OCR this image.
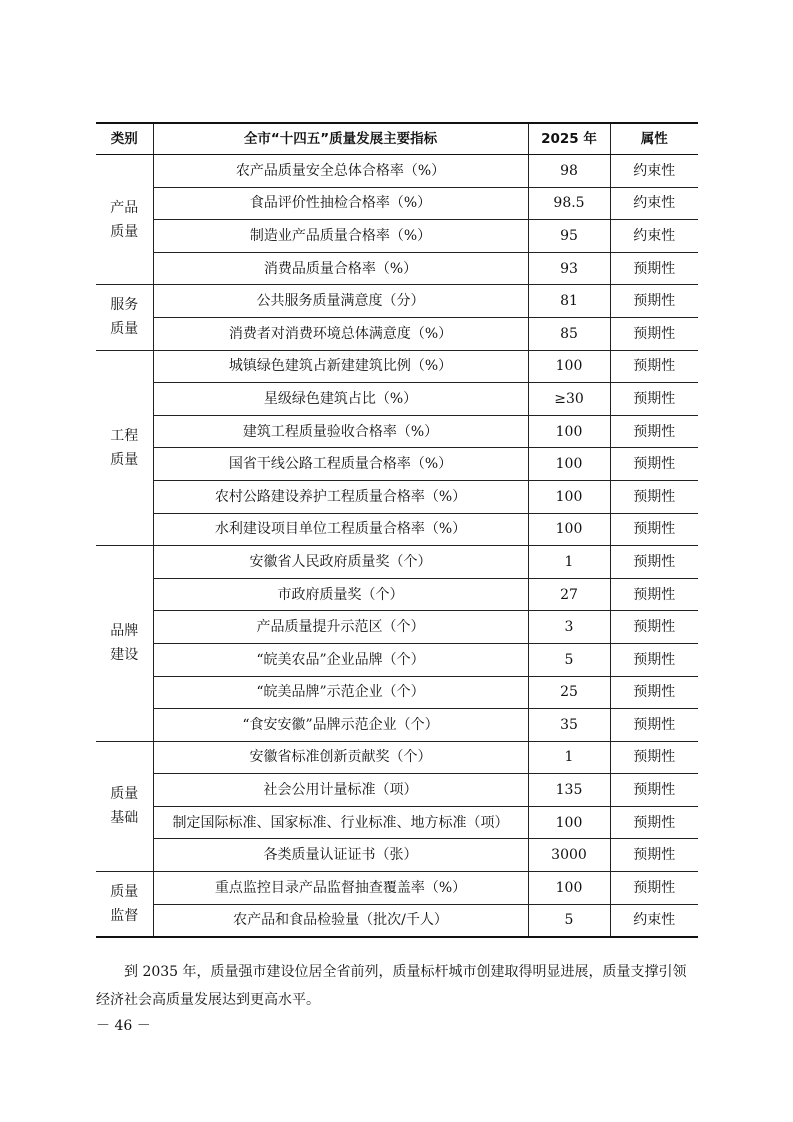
类别	全市“十四五”质量发展主要指标	2025 年	属性

产品
质量	农产品质量安全总体合格率（%）	98	约束性
	食品评价性抽检合格率（%）	98.5	约束性
	制造业产品质量合格率（%）	95	约束性
	消费品质量合格率（%）	93	预期性

服务
质量	公共服务质量满意度（分）	81	预期性
	消费者对消费环境总体满意度（%）	85	预期性

工程
质量	城镇绿色建筑占新建建筑比例（%）	100	预期性
	星级绿色建筑占比（%）	≥30	预期性
	建筑工程质量验收合格率（%）	100	预期性
	国省干线公路工程质量合格率（%）	100	预期性
	农村公路建设养护工程质量合格率（%）	100	预期性
	水利建设项目单位工程质量合格率（%）	100	预期性

品牌
建设	安徽省人民政府质量奖（个）	1	预期性
	市政府质量奖（个）	27	预期性
	产品质量提升示范区（个）	3	预期性
	“皖美农品”企业品牌（个）	5	预期性
	“皖美品牌”示范企业（个）	25	预期性
	“食安安徽”品牌示范企业（个）	35	预期性

质量
基础	安徽省标准创新贡献奖（个）	1	预期性
	社会公用计量标准（项）	135	预期性
	制定国际标准、国家标准、行业标准、地方标准（项）	100	预期性
	各类质量认证证书（张）	3000	预期性

质量
监督	重点监控目录产品监督抽查覆盖率（%）	100	预期性
	农产品和食品检验量（批次/千人）	5	约束性

到 2035 年，质量强市建设位居全省前列，质量标杆城市创建取得明显进展，质量支撑引领经济社会高质量发展达到更高水平。

－ 46 －
